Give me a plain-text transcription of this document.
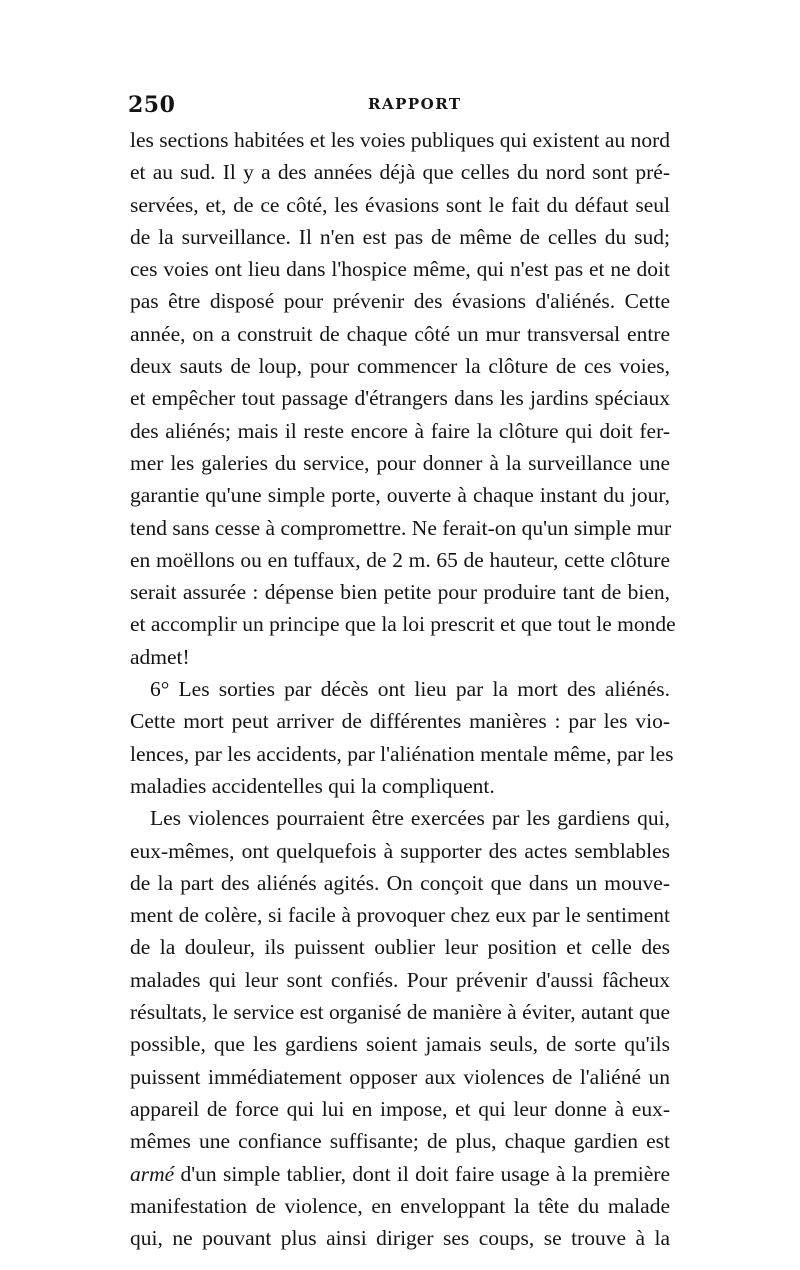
250	RAPPORT
les sections habitées et les voies publiques qui existent au nord
et au sud. Il y a des années déjà que celles du nord sont pré-
servées, et, de ce côté, les évasions sont le fait du défaut seul
de la surveillance. Il n'en est pas de même de celles du sud;
ces voies ont lieu dans l'hospice même, qui n'est pas et ne doit
pas être disposé pour prévenir des évasions d'aliénés. Cette
année, on a construit de chaque côté un mur transversal entre
deux sauts de loup, pour commencer la clôture de ces voies,
et empêcher tout passage d'étrangers dans les jardins spéciaux
des aliénés; mais il reste encore à faire la clôture qui doit fer-
mer les galeries du service, pour donner à la surveillance une
garantie qu'une simple porte, ouverte à chaque instant du jour,
tend sans cesse à compromettre. Ne ferait-on qu'un simple mur
en moëllons ou en tuffaux, de 2 m. 65 de hauteur, cette clôture
serait assurée : dépense bien petite pour produire tant de bien,
et accomplir un principe que la loi prescrit et que tout le monde
admet!
6° Les sorties par décès ont lieu par la mort des aliénés.
Cette mort peut arriver de différentes manières : par les vio-
lences, par les accidents, par l'aliénation mentale même, par les
maladies accidentelles qui la compliquent.
Les violences pourraient être exercées par les gardiens qui,
eux-mêmes, ont quelquefois à supporter des actes semblables
de la part des aliénés agités. On conçoit que dans un mouve-
ment de colère, si facile à provoquer chez eux par le sentiment
de la douleur, ils puissent oublier leur position et celle des
malades qui leur sont confiés. Pour prévenir d'aussi fâcheux
résultats, le service est organisé de manière à éviter, autant que
possible, que les gardiens soient jamais seuls, de sorte qu'ils
puissent immédiatement opposer aux violences de l'aliéné un
appareil de force qui lui en impose, et qui leur donne à eux-
mêmes une confiance suffisante; de plus, chaque gardien est
armé d'un simple tablier, dont il doit faire usage à la première
manifestation de violence, en enveloppant la tête du malade
qui, ne pouvant plus ainsi diriger ses coups, se trouve à la
